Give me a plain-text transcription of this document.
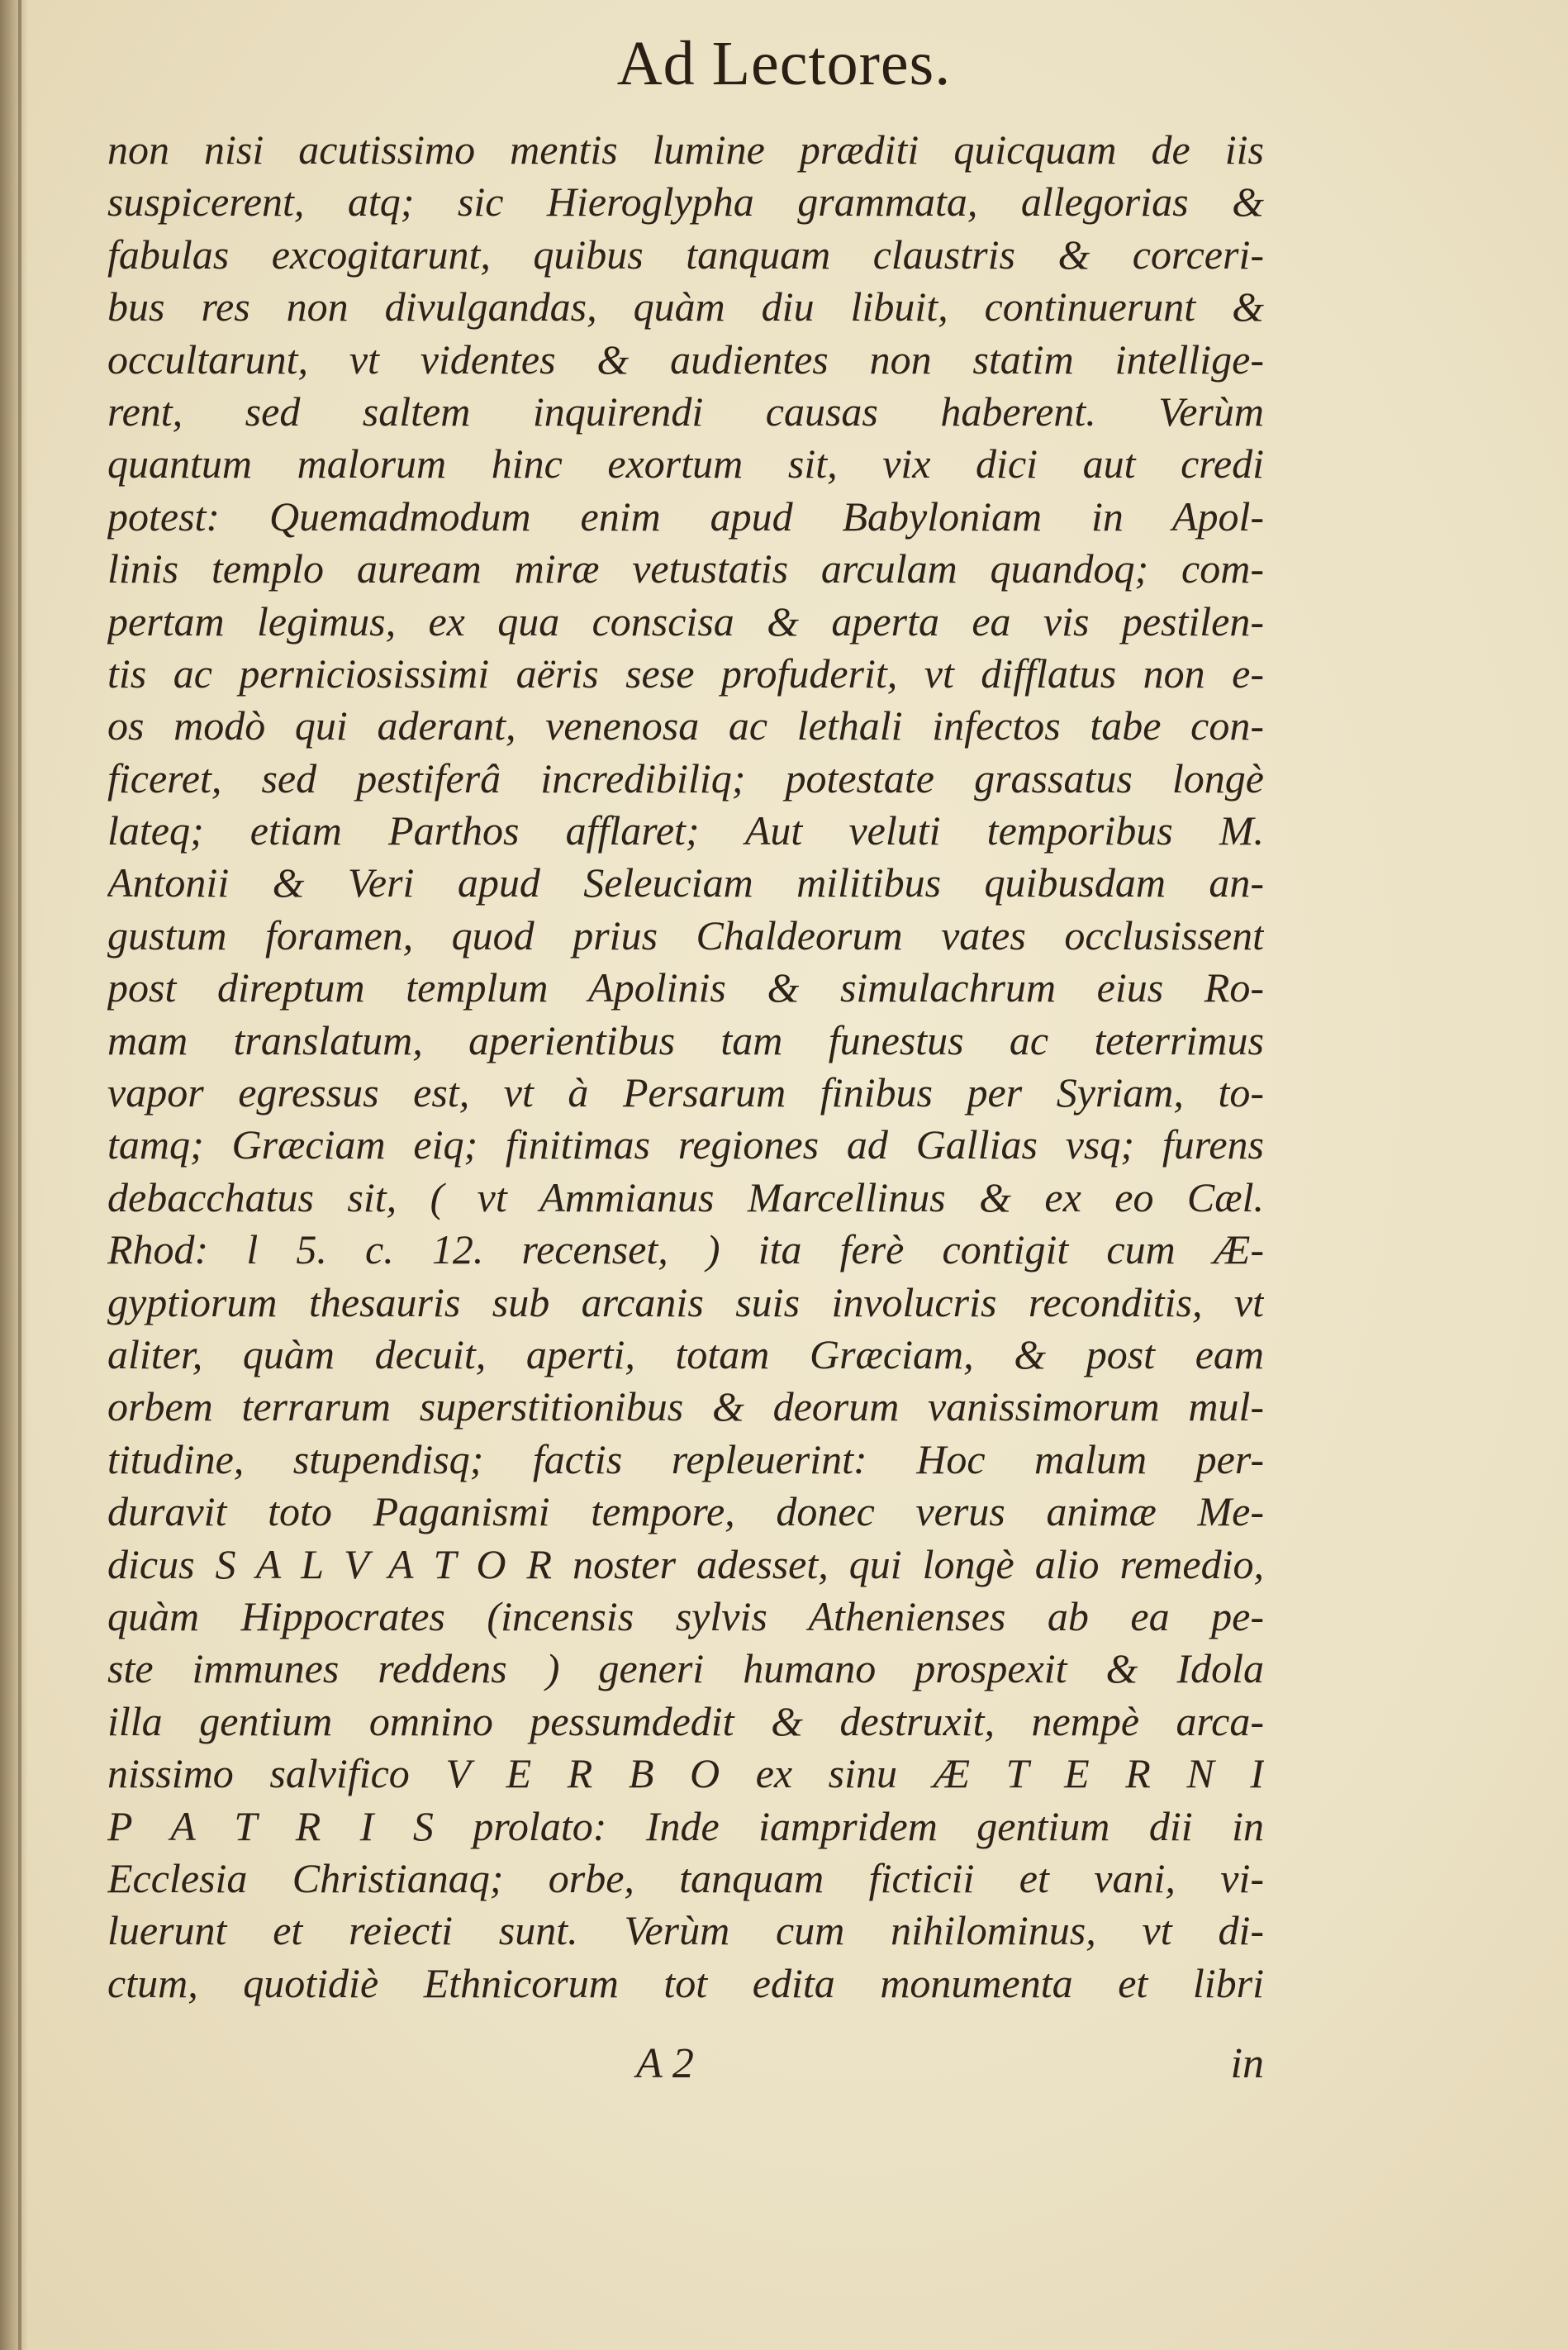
Ad Lectores.
non nisi acutissimo mentis lumine præditi quicquam de iis
suspicerent, atq; sic Hieroglypha grammata, allegorias &
fabulas excogitarunt, quibus tanquam claustris & corceri-
bus res non divulgandas, quàm diu libuit, continuerunt &
occultarunt, vt videntes & audientes non statim intellige-
rent, sed saltem inquirendi causas haberent. Verùm
quantum malorum hinc exortum sit, vix dici aut credi
potest: Quemadmodum enim apud Babyloniam in Apol-
linis templo auream miræ vetustatis arculam quandoq; com-
pertam legimus, ex qua conscisa & aperta ea vis pestilen-
tis ac perniciosissimi aëris sese profuderit, vt difflatus non e-
os modò qui aderant, venenosa ac lethali infectos tabe con-
ficeret, sed pestiferâ incredibiliq; potestate grassatus longè
lateq; etiam Parthos afflaret; Aut veluti temporibus M.
Antonii & Veri apud Seleuciam militibus quibusdam an-
gustum foramen, quod prius Chaldeorum vates occlusissent
post direptum templum Apolinis & simulachrum eius Ro-
mam translatum, aperientibus tam funestus ac teterrimus
vapor egressus est, vt à Persarum finibus per Syriam, to-
tamq; Græciam eiq; finitimas regiones ad Gallias vsq; furens
debacchatus sit, ( vt Ammianus Marcellinus & ex eo Cæl.
Rhod: l 5. c. 12. recenset, ) ita ferè contigit cum Æ-
gyptiorum thesauris sub arcanis suis involucris reconditis, vt
aliter, quàm decuit, aperti, totam Græciam, & post eam
orbem terrarum superstitionibus & deorum vanissimorum mul-
titudine, stupendisq; factis repleuerint: Hoc malum per-
duravit toto Paganismi tempore, donec verus animæ Me-
dicus S A L V A T O R noster adesset, qui longè alio remedio,
quàm Hippocrates (incensis sylvis Athenienses ab ea pe-
ste immunes reddens ) generi humano prospexit & Idola
illa gentium omnino pessumdedit & destruxit, nempè arca-
nissimo salvifico V E R B O ex sinu Æ T E R N I
P A T R I S prolato: Inde iampridem gentium dii in
Ecclesia Christianaq; orbe, tanquam ficticii et vani, vi-
luerunt et reiecti sunt. Verùm cum nihilominus, vt di-
ctum, quotidiè Ethnicorum tot edita monumenta et libri
A 2	in
